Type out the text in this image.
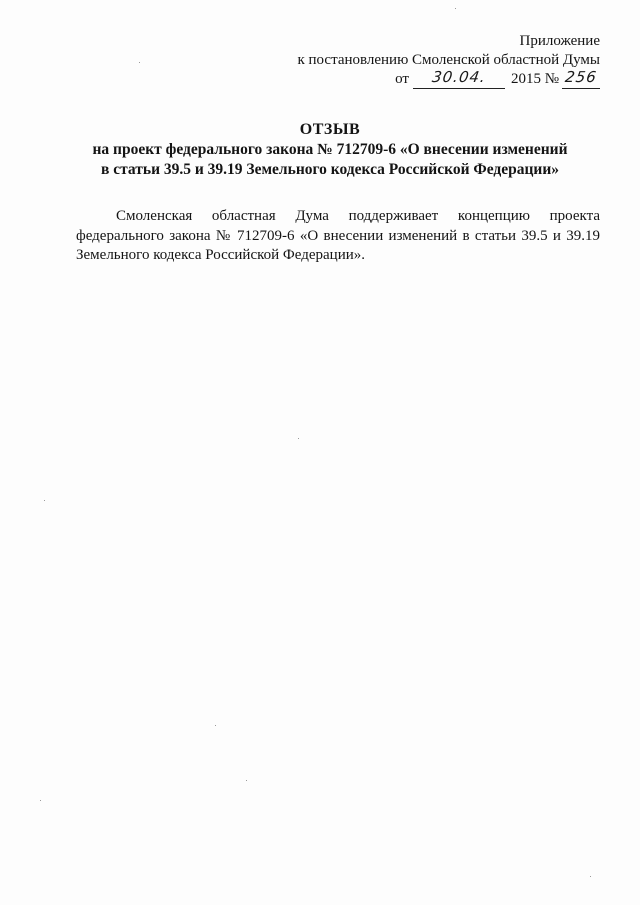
Приложение
к постановлению Смоленской областной Думы
от	30.04.	2015 № 256
ОТЗЫВ
на проект федерального закона № 712709-6 «О внесении изменений
в статьи 39.5 и 39.19 Земельного кодекса Российской Федерации»

Смоленская областная Дума поддерживает концепцию проекта федерального закона № 712709-6 «О внесении изменений в статьи 39.5 и 39.19 Земельного кодекса Российской Федерации».
